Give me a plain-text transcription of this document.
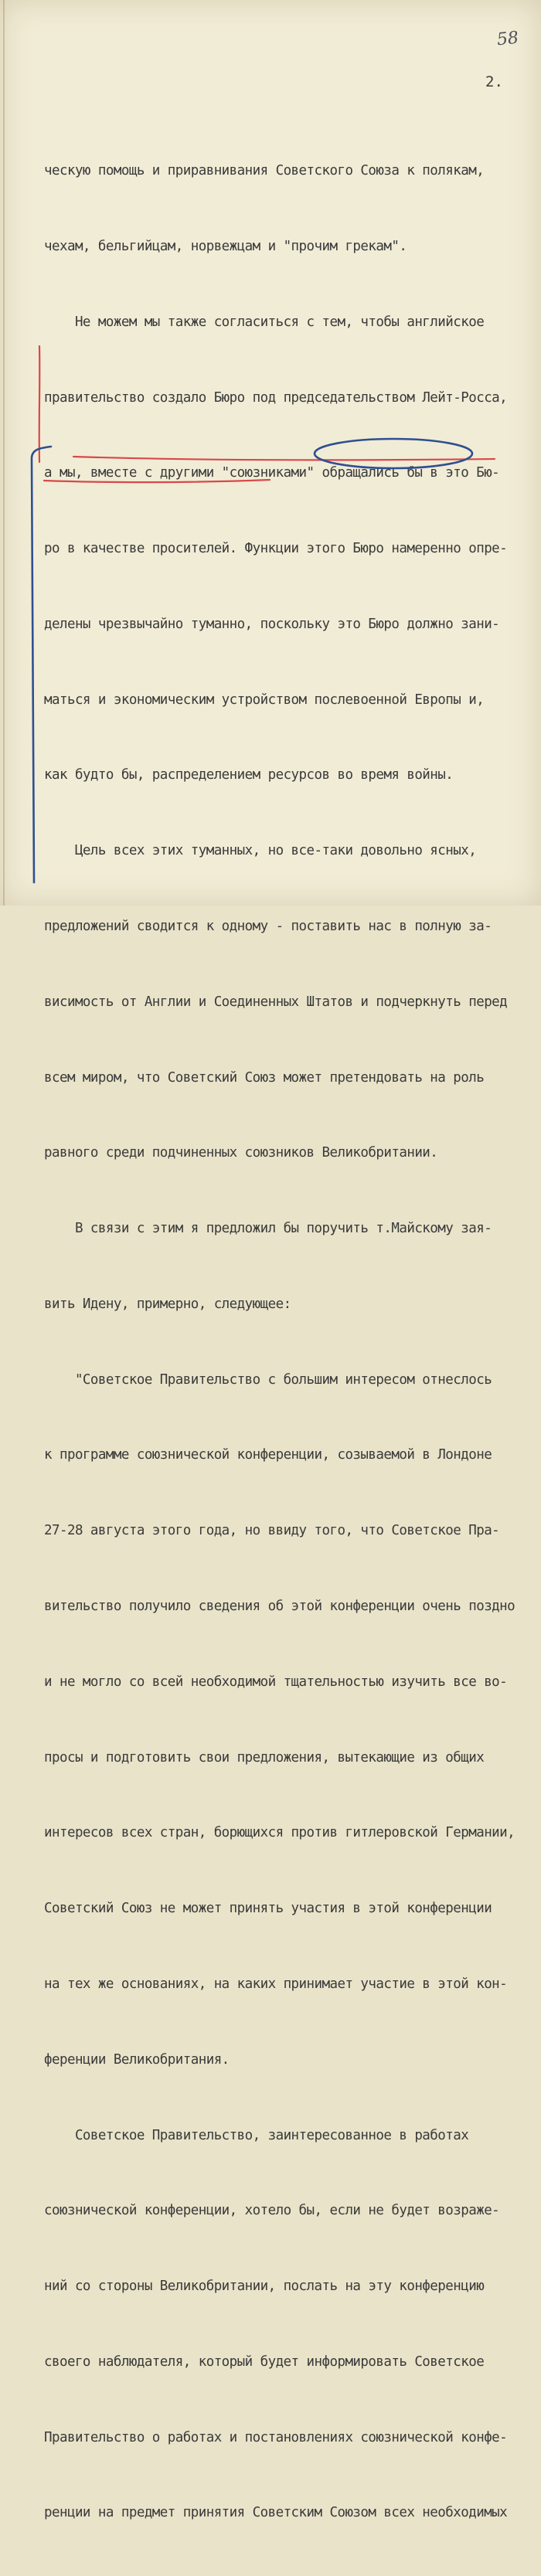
58
2.

ческую помощь и приравнивания Советского Союза к полякам,

чехам, бельгийцам, норвежцам и "прочим грекам".

Не можем мы также согласиться с тем, чтобы английское

правительство создало Бюро под председательством Лейт-Росса,

а мы, вместе с другими "союзниками" обращались бы в это Бю-

ро в качестве просителей. Функции этого Бюро намеренно опре-

делены чрезвычайно туманно, поскольку это Бюро должно зани-

маться и экономическим устройством послевоенной Европы и,

как будто бы, распределением ресурсов во время войны.

Цель всех этих туманных, но все-таки довольно ясных,

предложений сводится к одному - поставить нас в полную за-

висимость от Англии и Соединенных Штатов и подчеркнуть перед

всем миром, что Советский Союз может претендовать на роль

равного среди подчиненных союзников Великобритании.

В связи с этим я предложил бы поручить т.Майскому зая-

вить Идену, примерно, следующее:

"Советское Правительство с большим интересом отнеслось

к программе союзнической конференции, созываемой в Лондоне

27-28 августа этого года, но ввиду того, что Советское Пра-

вительство получило сведения об этой конференции очень поздно

и не могло со всей необходимой тщательностью изучить все во-

просы и подготовить свои предложения, вытекающие из общих

интересов всех стран, борющихся против гитлеровской Германии,

Советский Союз не может принять участия в этой конференции

на тех же основаниях, на каких принимает участие в этой кон-

ференции Великобритания.

Советское Правительство, заинтересованное в работах

союзнической конференции, хотело бы, если не будет возраже-

ний со стороны Великобритании, послать на эту конференцию

своего наблюдателя, который будет информировать Советское

Правительство о работах и постановлениях союзнической конфе-

ренции на предмет принятия Советским Союзом всех необходимых
